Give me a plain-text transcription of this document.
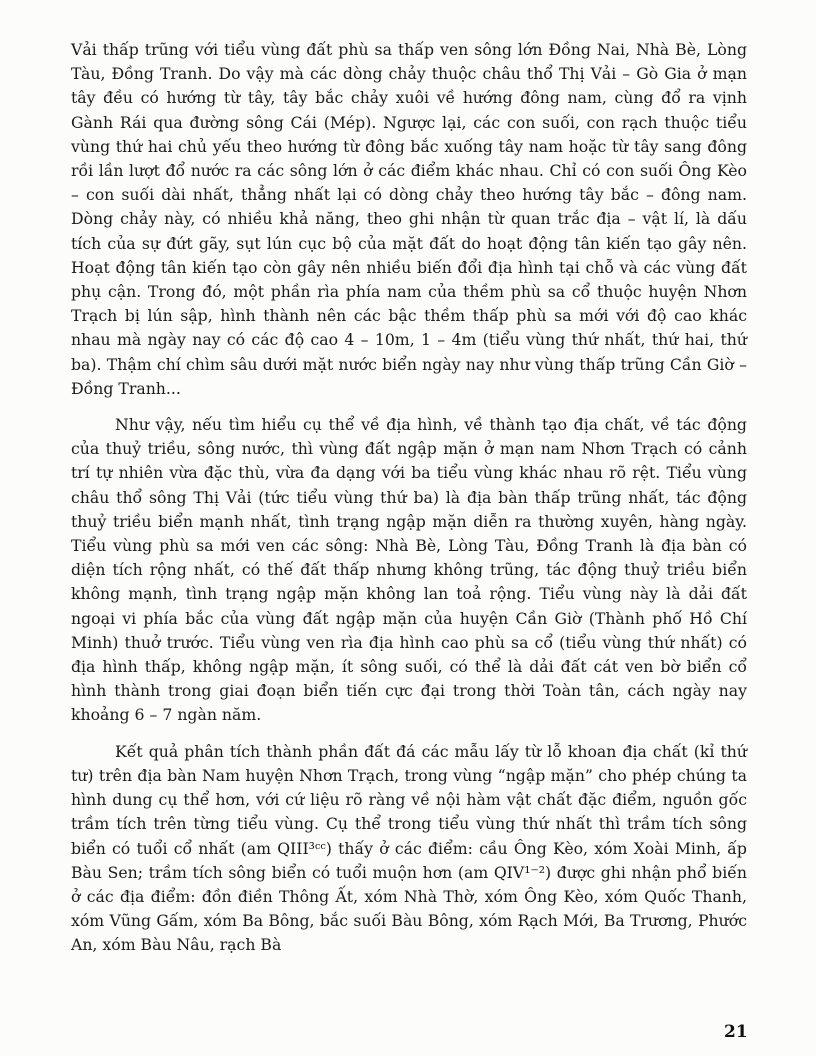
Vải thấp trũng với tiểu vùng đất phù sa thấp ven sông lớn Đồng Nai, Nhà Bè, Lòng Tàu, Đồng Tranh. Do vậy mà các dòng chảy thuộc châu thổ Thị Vải – Gò Gia ở mạn tây đều có hướng từ tây, tây bắc chảy xuôi về hướng đông nam, cùng đổ ra vịnh Gành Rái qua đường sông Cái (Mép). Ngược lại, các con suối, con rạch thuộc tiểu vùng thứ hai chủ yếu theo hướng từ đông bắc xuống tây nam hoặc từ tây sang đông rồi lần lượt đổ nước ra các sông lớn ở các điểm khác nhau. Chỉ có con suối Ông Kèo – con suối dài nhất, thẳng nhất lại có dòng chảy theo hướng tây bắc – đông nam. Dòng chảy này, có nhiều khả năng, theo ghi nhận từ quan trắc địa – vật lí, là dấu tích của sự đứt gãy, sụt lún cục bộ của mặt đất do hoạt động tân kiến tạo gây nên. Hoạt động tân kiến tạo còn gây nên nhiều biến đổi địa hình tại chỗ và các vùng đất phụ cận. Trong đó, một phần rìa phía nam của thềm phù sa cổ thuộc huyện Nhơn Trạch bị lún sập, hình thành nên các bậc thềm thấp phù sa mới với độ cao khác nhau mà ngày nay có các độ cao 4 – 10m, 1 – 4m (tiểu vùng thứ nhất, thứ hai, thứ ba). Thậm chí chìm sâu dưới mặt nước biển ngày nay như vùng thấp trũng Cần Giờ – Đồng Tranh...
Như vậy, nếu tìm hiểu cụ thể về địa hình, về thành tạo địa chất, về tác động của thuỷ triều, sông nước, thì vùng đất ngập mặn ở mạn nam Nhơn Trạch có cảnh trí tự nhiên vừa đặc thù, vừa đa dạng với ba tiểu vùng khác nhau rõ rệt. Tiểu vùng châu thổ sông Thị Vải (tức tiểu vùng thứ ba) là địa bàn thấp trũng nhất, tác động thuỷ triều biển mạnh nhất, tình trạng ngập mặn diễn ra thường xuyên, hàng ngày. Tiểu vùng phù sa mới ven các sông: Nhà Bè, Lòng Tàu, Đồng Tranh là địa bàn có diện tích rộng nhất, có thế đất thấp nhưng không trũng, tác động thuỷ triều biển không mạnh, tình trạng ngập mặn không lan toả rộng. Tiểu vùng này là dải đất ngoại vi phía bắc của vùng đất ngập mặn của huyện Cần Giờ (Thành phố Hồ Chí Minh) thuở trước. Tiểu vùng ven rìa địa hình cao phù sa cổ (tiểu vùng thứ nhất) có địa hình thấp, không ngập mặn, ít sông suối, có thể là dải đất cát ven bờ biển cổ hình thành trong giai đoạn biển tiến cực đại trong thời Toàn tân, cách ngày nay khoảng 6 – 7 ngàn năm.
Kết quả phân tích thành phần đất đá các mẫu lấy từ lỗ khoan địa chất (kỉ thứ tư) trên địa bàn Nam huyện Nhơn Trạch, trong vùng “ngập mặn” cho phép chúng ta hình dung cụ thể hơn, với cứ liệu rõ ràng về nội hàm vật chất đặc điểm, nguồn gốc trầm tích trên từng tiểu vùng. Cụ thể trong tiểu vùng thứ nhất thì trầm tích sông biển có tuổi cổ nhất (am QIII³ᶜᶜ) thấy ở các điểm: cầu Ông Kèo, xóm Xoài Minh, ấp Bàu Sen; trầm tích sông biển có tuổi muộn hơn (am QIV¹⁻²) được ghi nhận phổ biến ở các địa điểm: đồn điền Thông Ất, xóm Nhà Thờ, xóm Ông Kèo, xóm Quốc Thanh, xóm Vũng Gấm, xóm Ba Bông, bắc suối Bàu Bông, xóm Rạch Mới, Ba Trương, Phước An, xóm Bàu Nâu, rạch Bà
21
